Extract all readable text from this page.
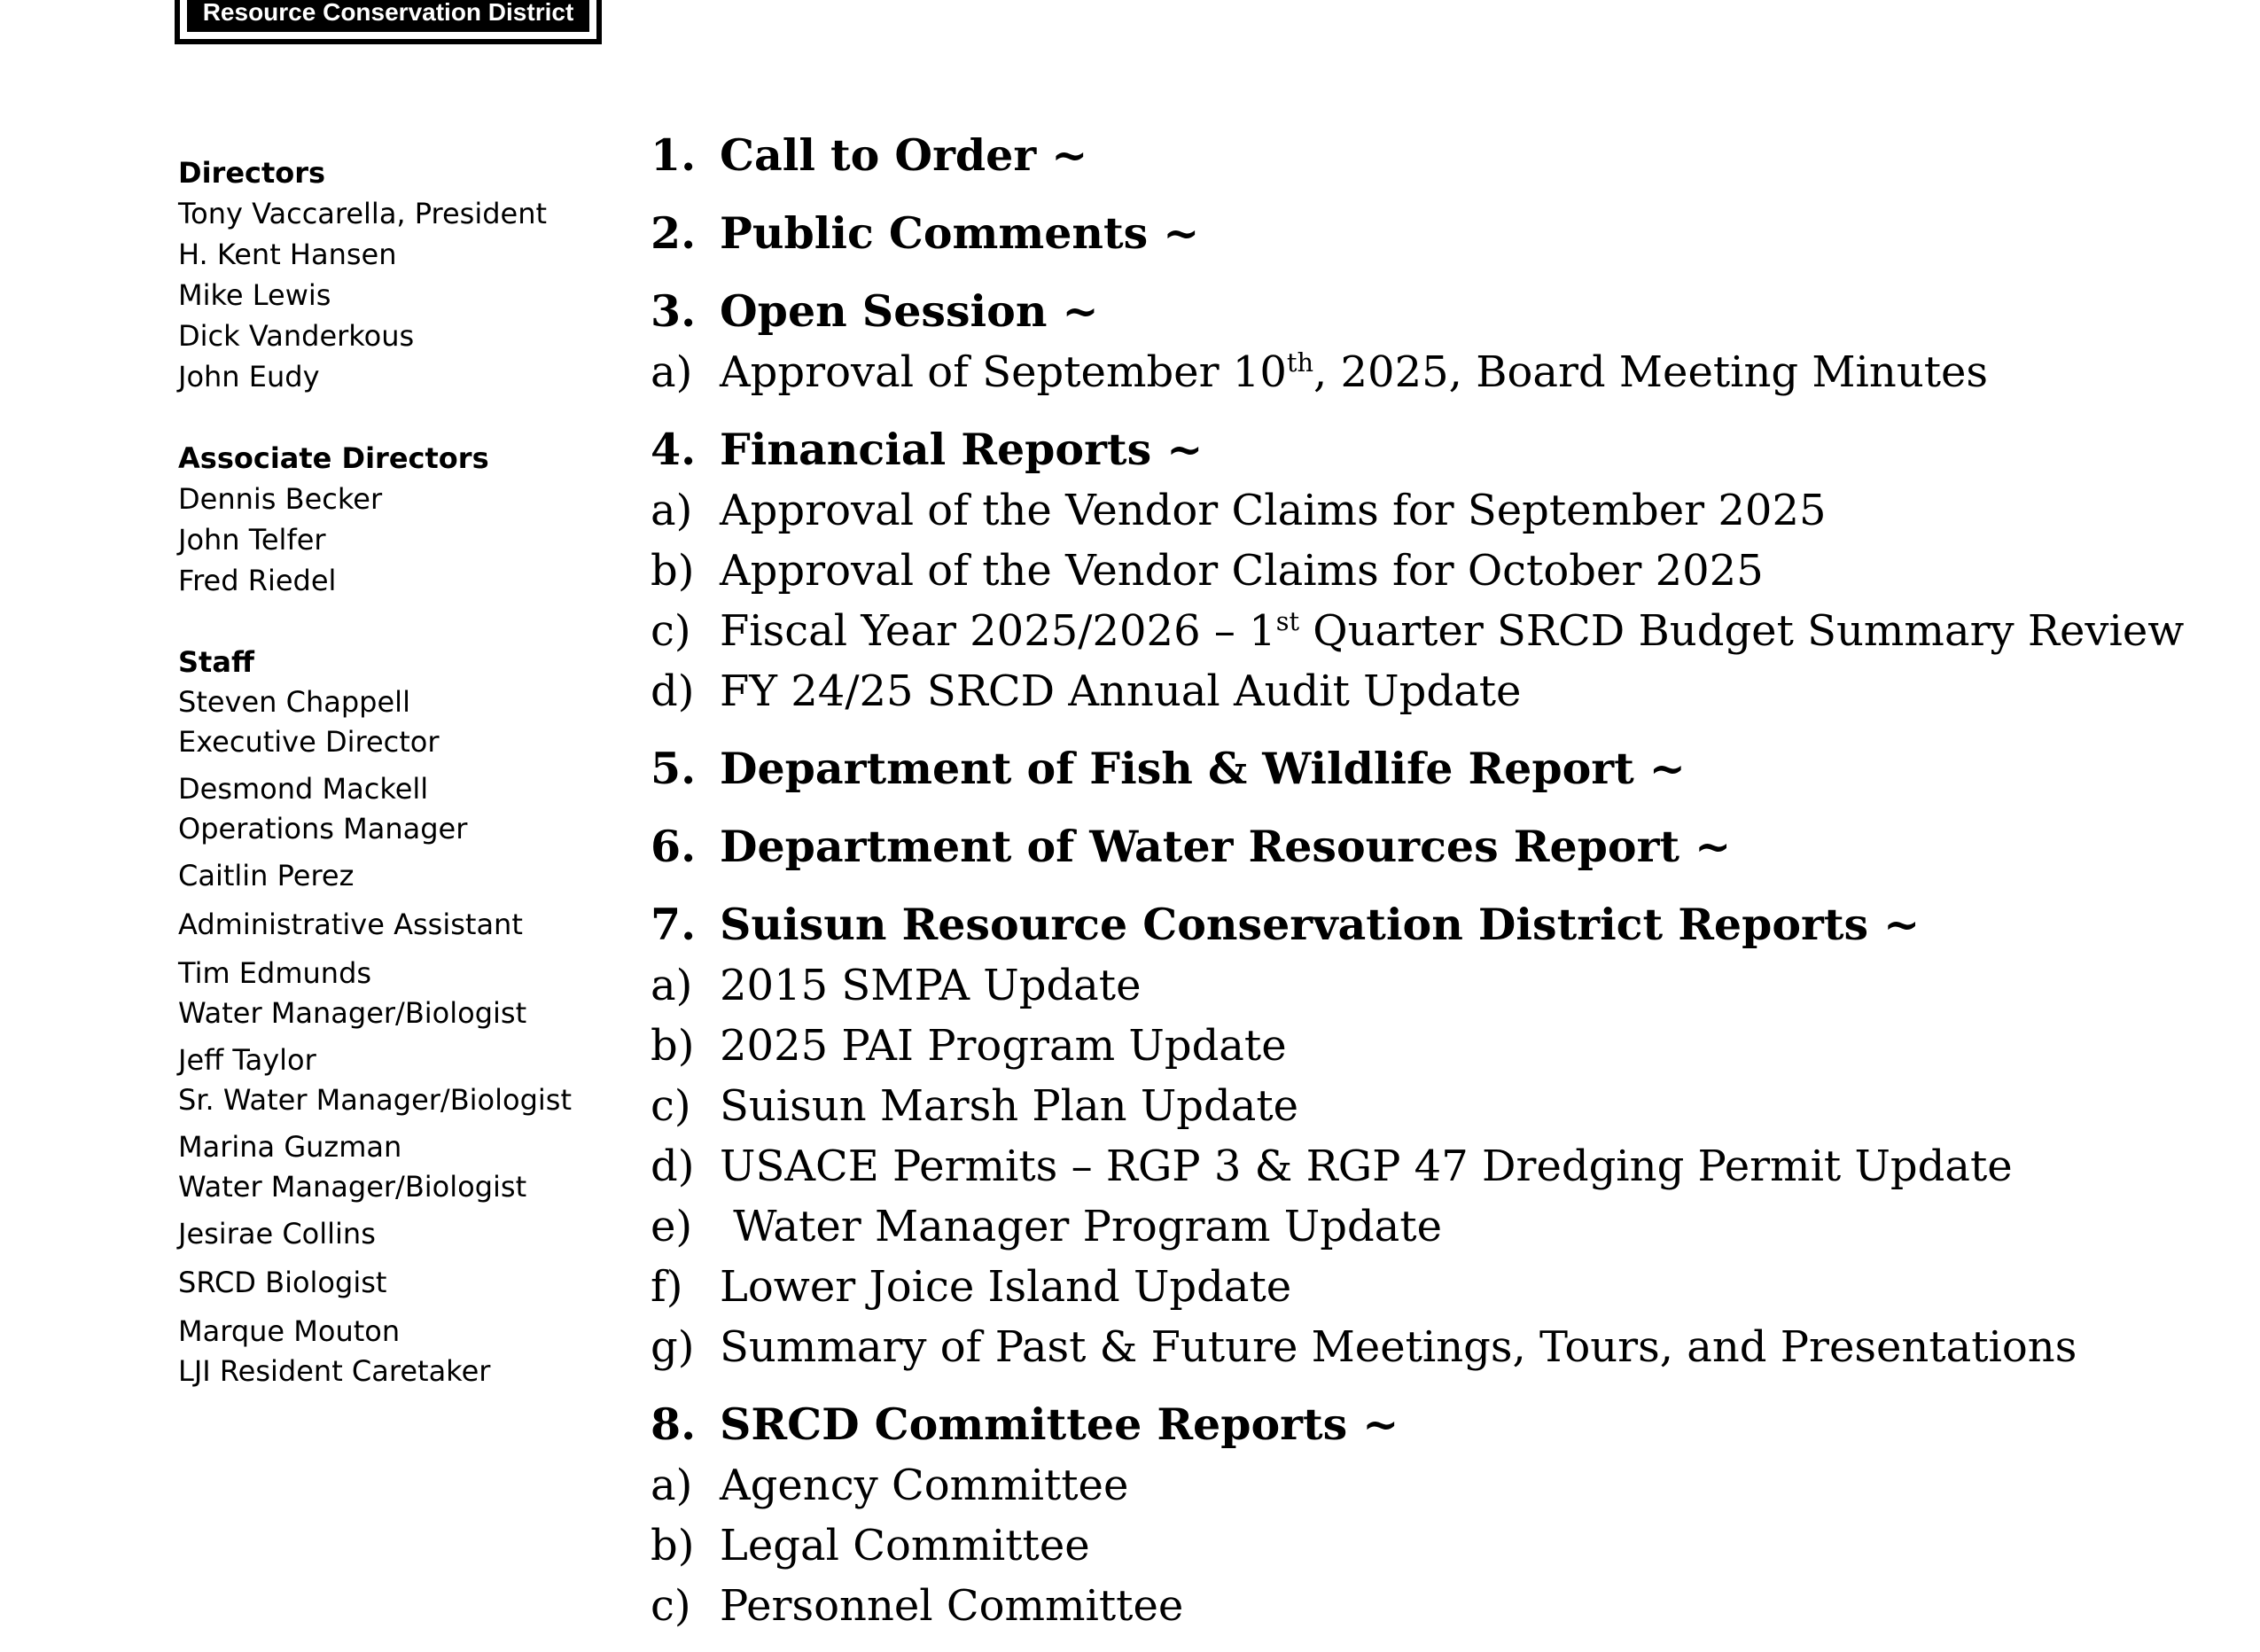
Resource Conservation District
Directors
Tony Vaccarella, President
H. Kent Hansen
Mike Lewis
Dick Vanderkous
John Eudy
Associate Directors
Dennis Becker
John Telfer
Fred Riedel
Staff
Steven Chappell
Executive Director
Desmond Mackell
Operations Manager
Caitlin Perez
Administrative Assistant
Tim Edmunds
Water Manager/Biologist
Jeff Taylor
Sr. Water Manager/Biologist
Marina Guzman
Water Manager/Biologist
Jesirae Collins
SRCD Biologist
Marque Mouton
LJI Resident Caretaker
1. Call to Order ~
2. Public Comments ~
3. Open Session ~
a) Approval of September 10th, 2025, Board Meeting Minutes
4. Financial Reports ~
a) Approval of the Vendor Claims for September 2025
b) Approval of the Vendor Claims for October 2025
c) Fiscal Year 2025/2026 – 1st Quarter SRCD Budget Summary Review
d) FY 24/25 SRCD Annual Audit Update
5. Department of Fish & Wildlife Report ~
6. Department of Water Resources Report ~
7. Suisun Resource Conservation District Reports ~
a) 2015 SMPA Update
b) 2025 PAI Program Update
c) Suisun Marsh Plan Update
d) USACE Permits – RGP 3 & RGP 47 Dredging Permit Update
e) Water Manager Program Update
f) Lower Joice Island Update
g) Summary of Past & Future Meetings, Tours, and Presentations
8. SRCD Committee Reports ~
a) Agency Committee
b) Legal Committee
c) Personnel Committee
